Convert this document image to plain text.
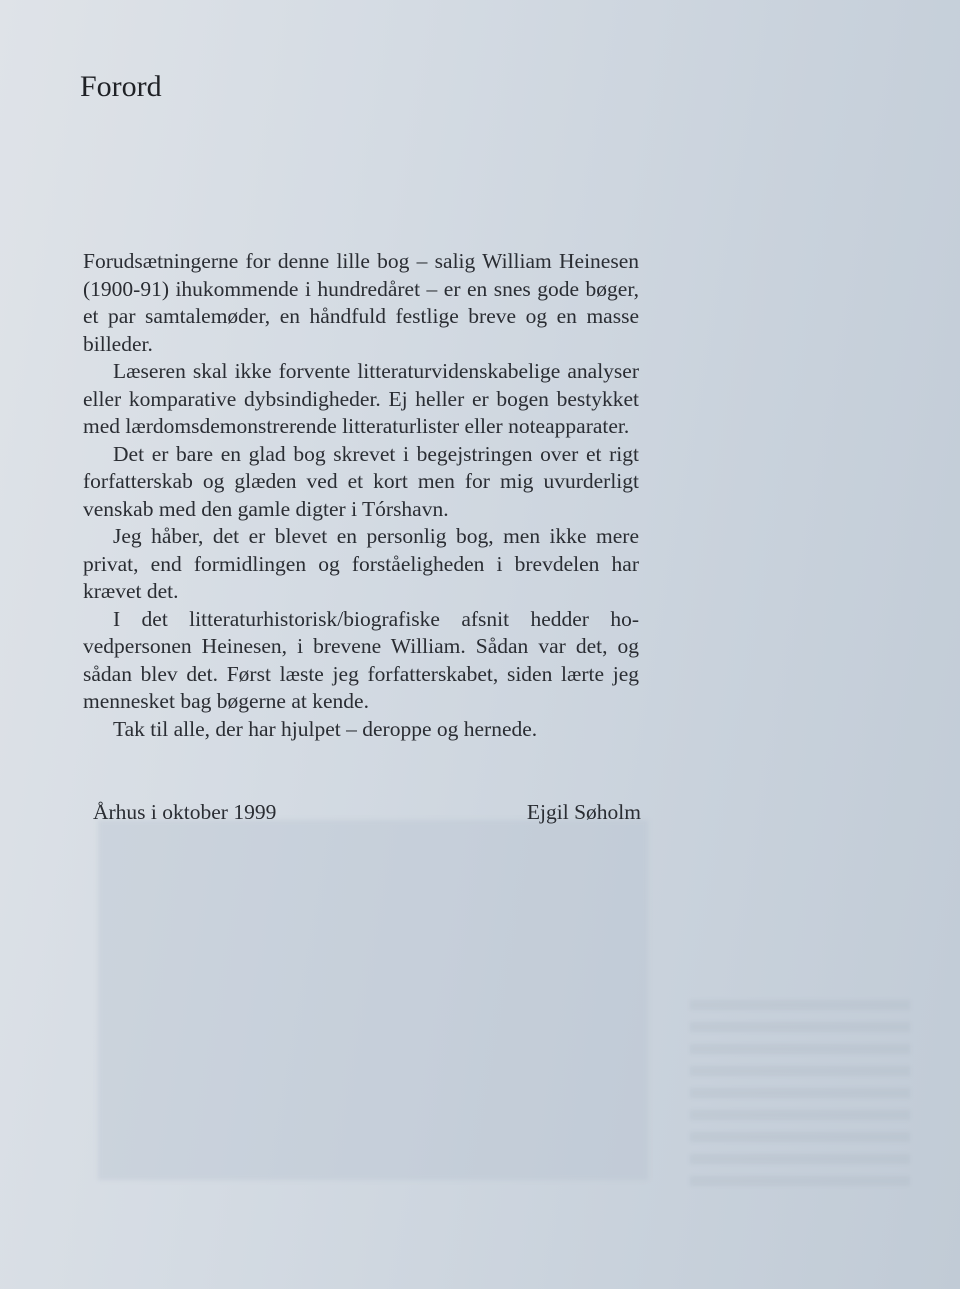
Forord

Forudsætningerne for denne lille bog – salig William Heinesen (1900-91) ihukommende i hundredåret – er en snes gode bøger, et par samtalemøder, en håndfuld festlige breve og en masse billeder.

Læseren skal ikke forvente litteraturvidenskabelige analyser eller komparative dybsindigheder. Ej heller er bogen bestykket med lærdomsdemonstrerende litteraturlister eller noteapparater.

Det er bare en glad bog skrevet i begejstringen over et rigt forfatterskab og glæden ved et kort men for mig uvurderligt venskab med den gamle digter i Tórshavn.

Jeg håber, det er blevet en personlig bog, men ikke mere privat, end formidlingen og forståeligheden i brevdelen har krævet det.

I det litteraturhistorisk/biografiske afsnit hedder hovedpersonen Heinesen, i brevene William. Sådan var det, og sådan blev det. Først læste jeg forfatterskabet, siden lærte jeg mennesket bag bøgerne at kende.

Tak til alle, der har hjulpet – deroppe og hernede.

Århus i oktober 1999	Ejgil Søholm
